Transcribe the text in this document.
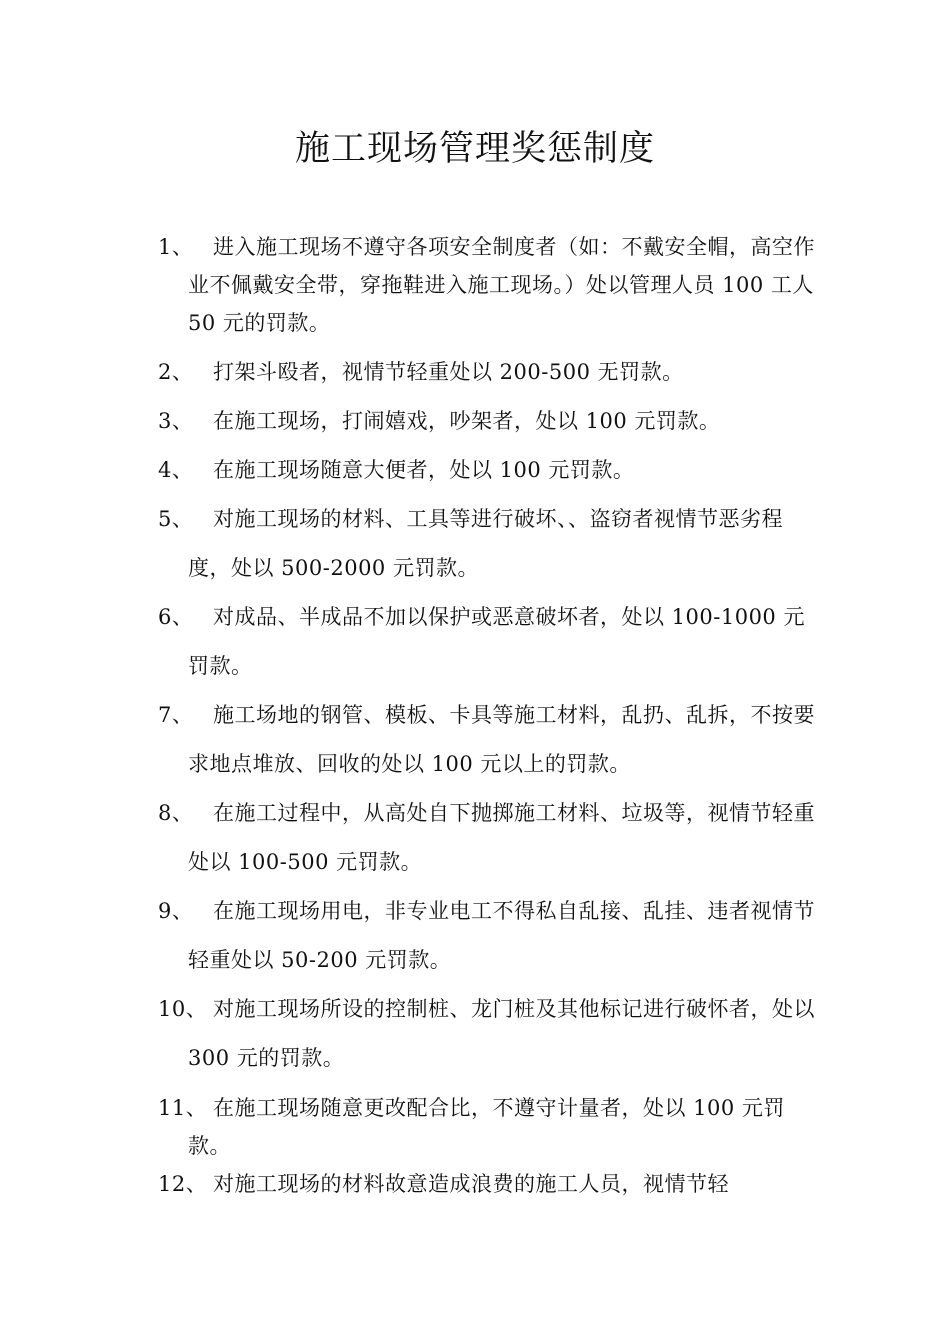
施工现场管理奖惩制度
1、 进入施工现场不遵守各项安全制度者（如：不戴安全帽，高空作业不佩戴安全带，穿拖鞋进入施工现场。）处以管理人员 100 工人 50 元的罚款。
2、 打架斗殴者，视情节轻重处以 200-500 无罚款。
3、 在施工现场，打闹嬉戏，吵架者，处以 100 元罚款。
4、 在施工现场随意大便者，处以 100 元罚款。
5、 对施工现场的材料、工具等进行破坏、、盗窃者视情节恶劣程度，处以 500-2000 元罚款。
6、 对成品、半成品不加以保护或恶意破坏者，处以 100-1000 元罚款。
7、 施工场地的钢管、模板、卡具等施工材料，乱扔、乱拆，不按要求地点堆放、回收的处以 100 元以上的罚款。
8、 在施工过程中，从高处自下抛掷施工材料、垃圾等，视情节轻重处以 100-500 元罚款。
9、 在施工现场用电，非专业电工不得私自乱接、乱挂、违者视情节轻重处以 50-200 元罚款。
10、 对施工现场所设的控制桩、龙门桩及其他标记进行破怀者，处以 300 元的罚款。
11、 在施工现场随意更改配合比，不遵守计量者，处以 100 元罚款。
12、 对施工现场的材料故意造成浪费的施工人员，视情节轻
